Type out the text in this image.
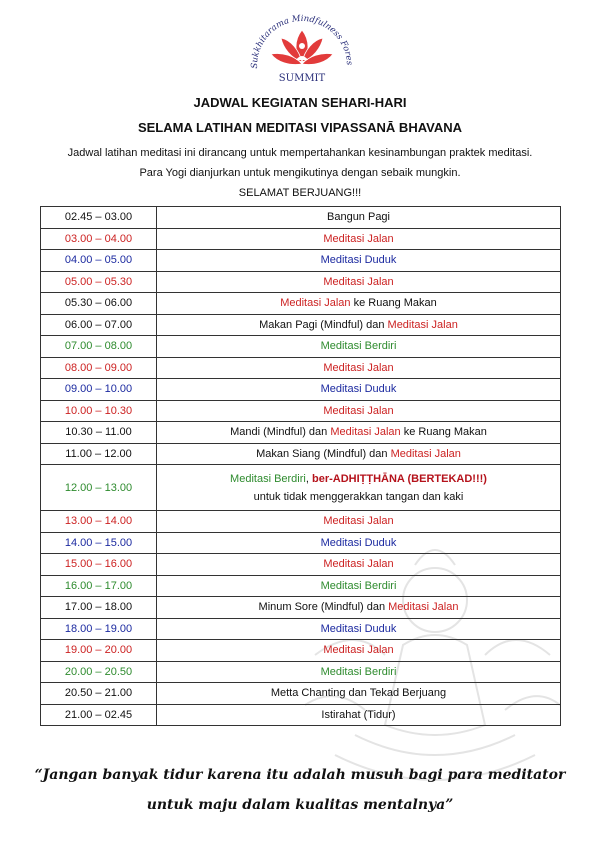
Sukkhitarama Mindfulness Fores
SUMMIT
JADWAL KEGIATAN SEHARI-HARI
SELAMA LATIHAN MEDITASI VIPASSANĀ BHAVANA
Jadwal latihan meditasi ini dirancang untuk mempertahankan kesinambungan praktek meditasi.
Para Yogi dianjurkan untuk mengikutinya dengan sebaik mungkin.
SELAMAT BERJUANG!!!
02.45 – 03.00	Bangun Pagi

03.00 – 04.00	Meditasi Jalan

04.00 – 05.00	Meditasi Duduk

05.00 – 05.30	Meditasi Jalan

05.30 – 06.00	Meditasi Jalan ke Ruang Makan

06.00 – 07.00	Makan Pagi (Mindful) dan Meditasi Jalan

07.00 – 08.00	Meditasi Berdiri

08.00 – 09.00	Meditasi Jalan

09.00 – 10.00	Meditasi Duduk

10.00 – 10.30	Meditasi Jalan

10.30 – 11.00	Mandi (Mindful) dan Meditasi Jalan ke Ruang Makan

11.00 – 12.00	Makan Siang (Mindful) dan Meditasi Jalan

12.00 – 13.00	Meditasi Berdiri, ber-ADHIṬṬHĀNA (BERTEKAD!!!)
untuk tidak menggerakkan tangan dan kaki

13.00 – 14.00	Meditasi Jalan

14.00 – 15.00	Meditasi Duduk

15.00 – 16.00	Meditasi Jalan

16.00 – 17.00	Meditasi Berdiri

17.00 – 18.00	Minum Sore (Mindful) dan Meditasi Jalan

18.00 – 19.00	Meditasi Duduk

19.00 – 20.00	Meditasi Jalan

20.00 – 20.50	Meditasi Berdiri

20.50 – 21.00	Metta Chanting dan Tekad Berjuang

21.00 – 02.45	Istirahat (Tidur)
“Jangan banyak tidur karena itu adalah musuh bagi para meditator
untuk maju dalam kualitas mentalnya”
